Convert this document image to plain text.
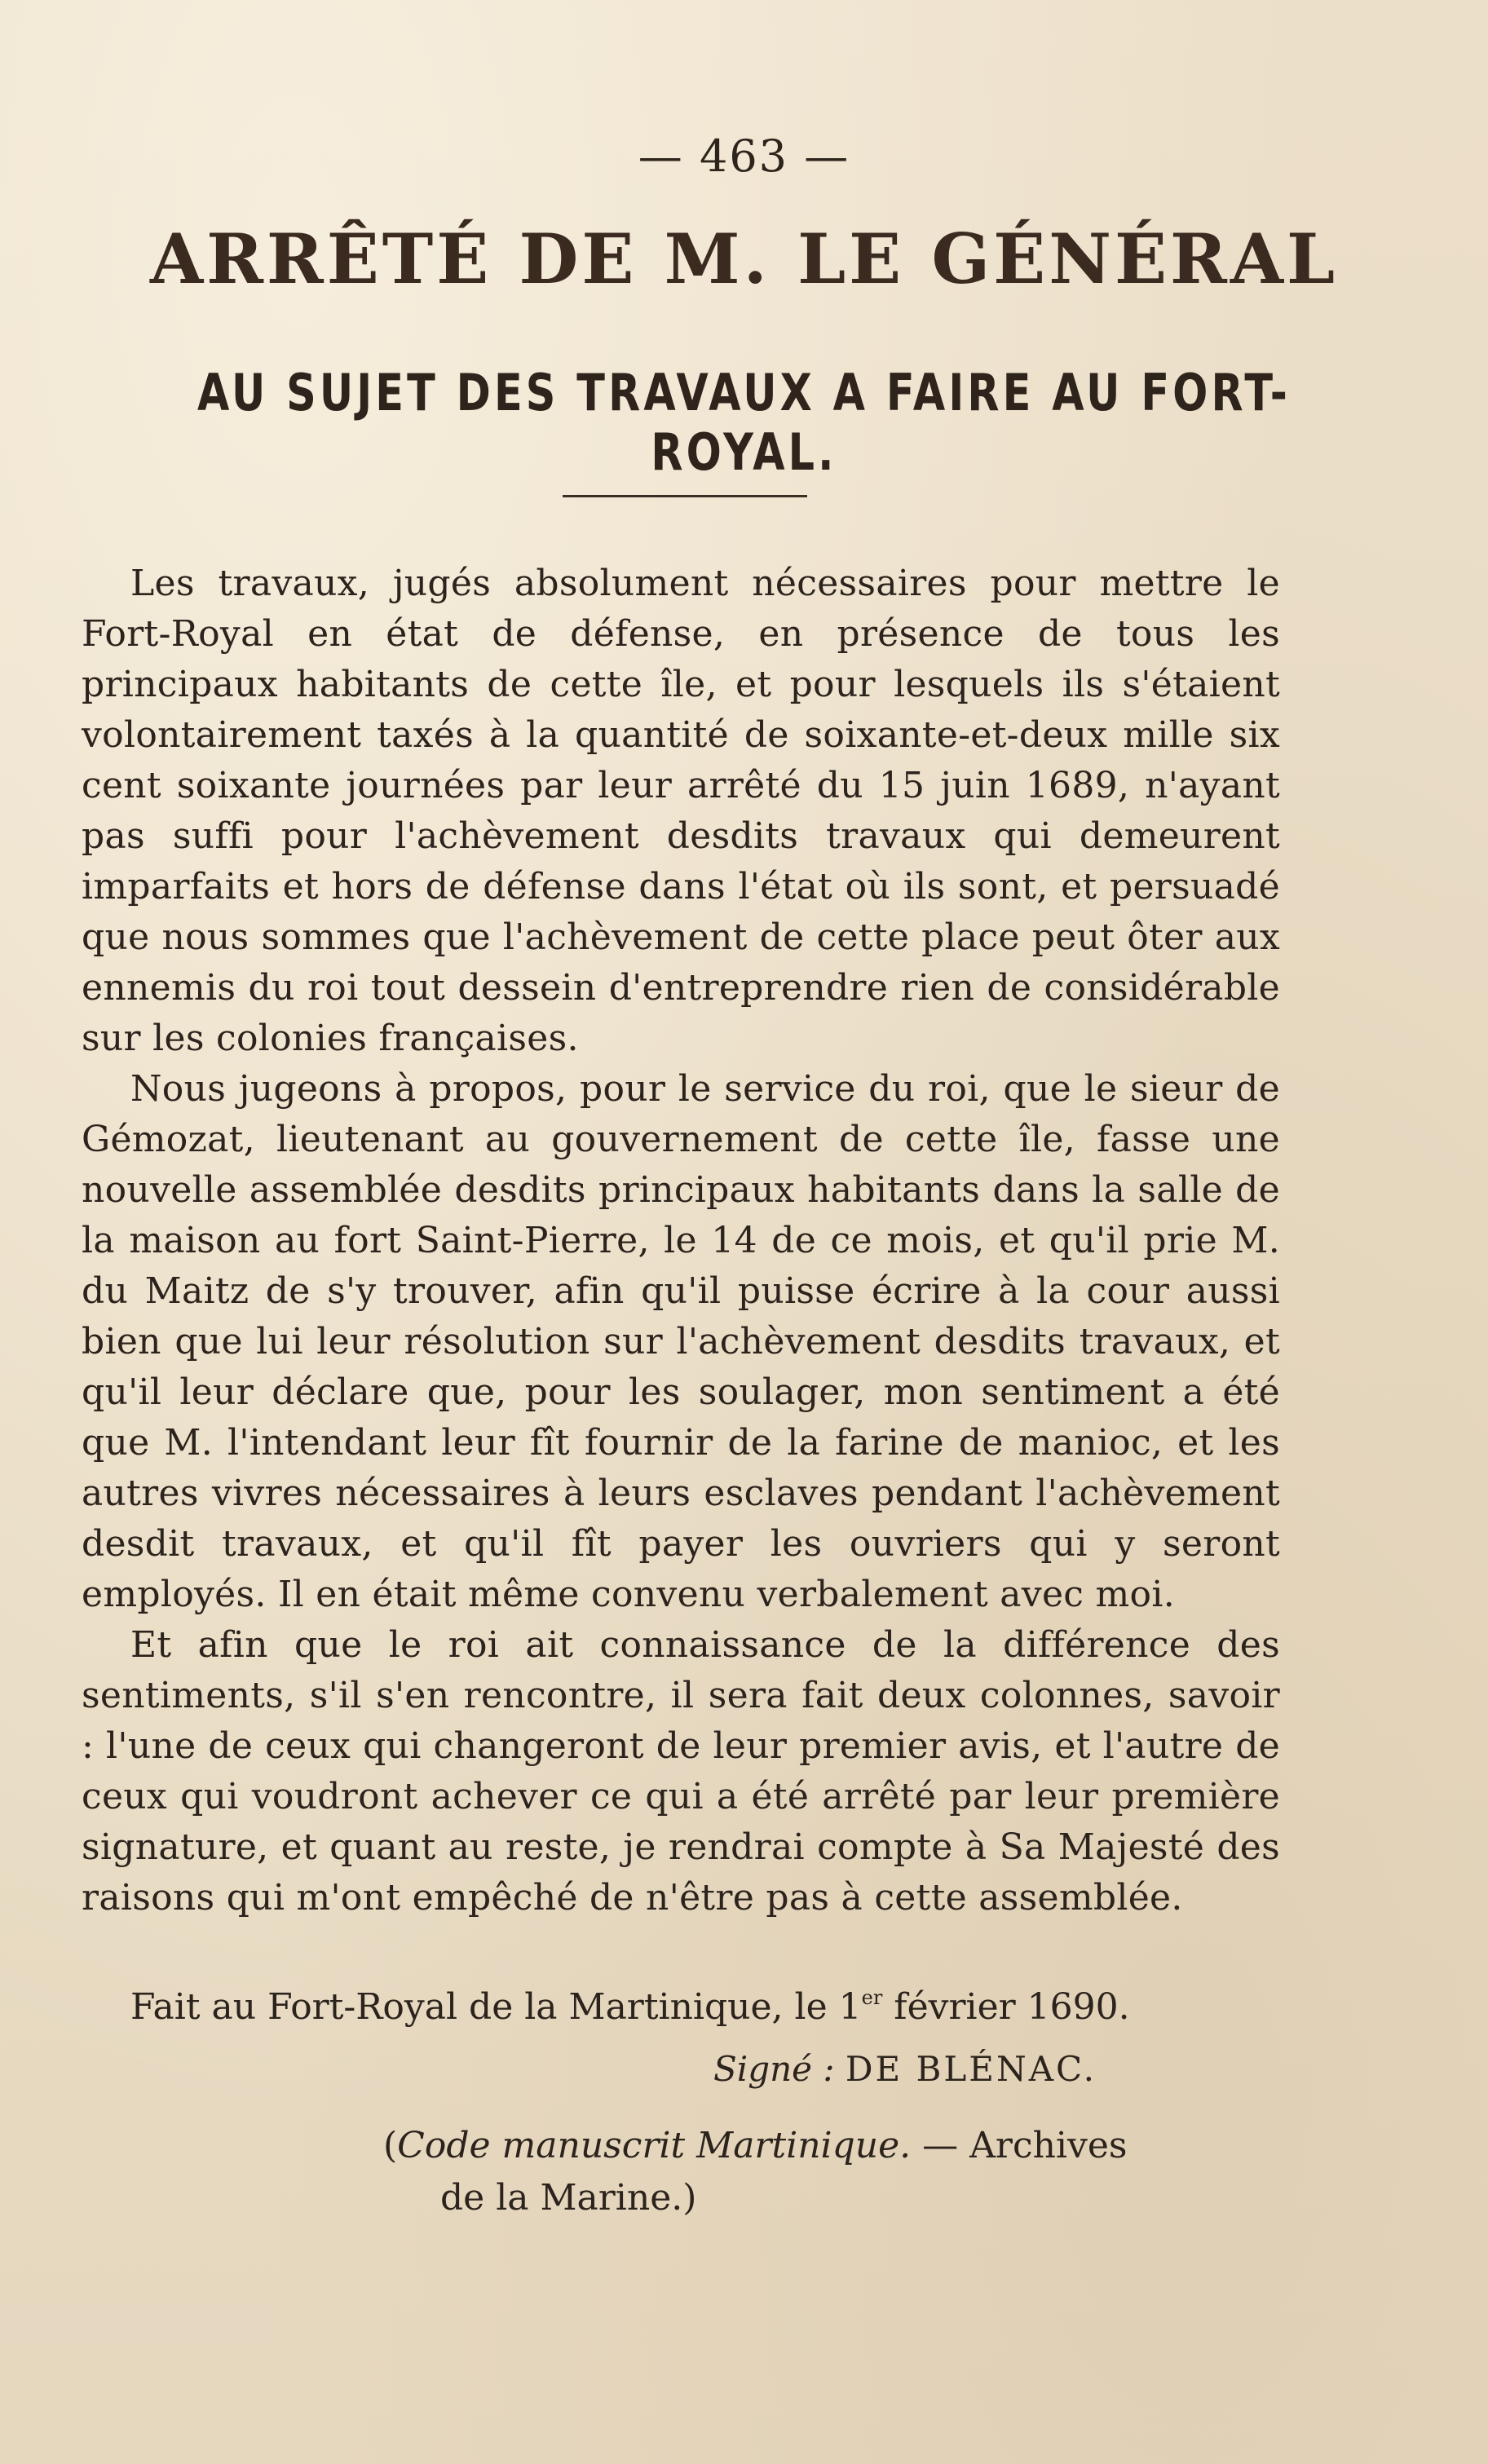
— 463 —
ARRÊTÉ DE M. LE GÉNÉRAL
AU SUJET DES TRAVAUX A FAIRE AU FORT-ROYAL.

Les travaux, jugés absolument nécessaires pour mettre le Fort-Royal en état de défense, en présence de tous les principaux habitants de cette île, et pour lesquels ils s'étaient volontairement taxés à la quantité de soixante-et-deux mille six cent soixante journées par leur arrêté du 15 juin 1689, n'ayant pas suffi pour l'achèvement desdits travaux qui demeurent imparfaits et hors de défense dans l'état où ils sont, et persuadé que nous sommes que l'achèvement de cette place peut ôter aux ennemis du roi tout dessein d'entreprendre rien de considérable sur les colonies françaises.

Nous jugeons à propos, pour le service du roi, que le sieur de Gémozat, lieutenant au gouvernement de cette île, fasse une nouvelle assemblée desdits principaux habitants dans la salle de la maison au fort Saint-Pierre, le 14 de ce mois, et qu'il prie M. du Maitz de s'y trouver, afin qu'il puisse écrire à la cour aussi bien que lui leur résolution sur l'achèvement desdits travaux, et qu'il leur déclare que, pour les soulager, mon sentiment a été que M. l'intendant leur fît fournir de la farine de manioc, et les autres vivres nécessaires à leurs esclaves pendant l'achèvement desdit travaux, et qu'il fît payer les ouvriers qui y seront employés. Il en était même convenu verbalement avec moi.

Et afin que le roi ait connaissance de la différence des sentiments, s'il s'en rencontre, il sera fait deux colonnes, savoir : l'une de ceux qui changeront de leur premier avis, et l'autre de ceux qui voudront achever ce qui a été arrêté par leur première signature, et quant au reste, je rendrai compte à Sa Majesté des raisons qui m'ont empêché de n'être pas à cette assemblée.

Fait au Fort-Royal de la Martinique, le 1er février 1690.
Signé : DE BLÉNAC.
(Code manuscrit Martinique. — Archives
de la Marine.)
